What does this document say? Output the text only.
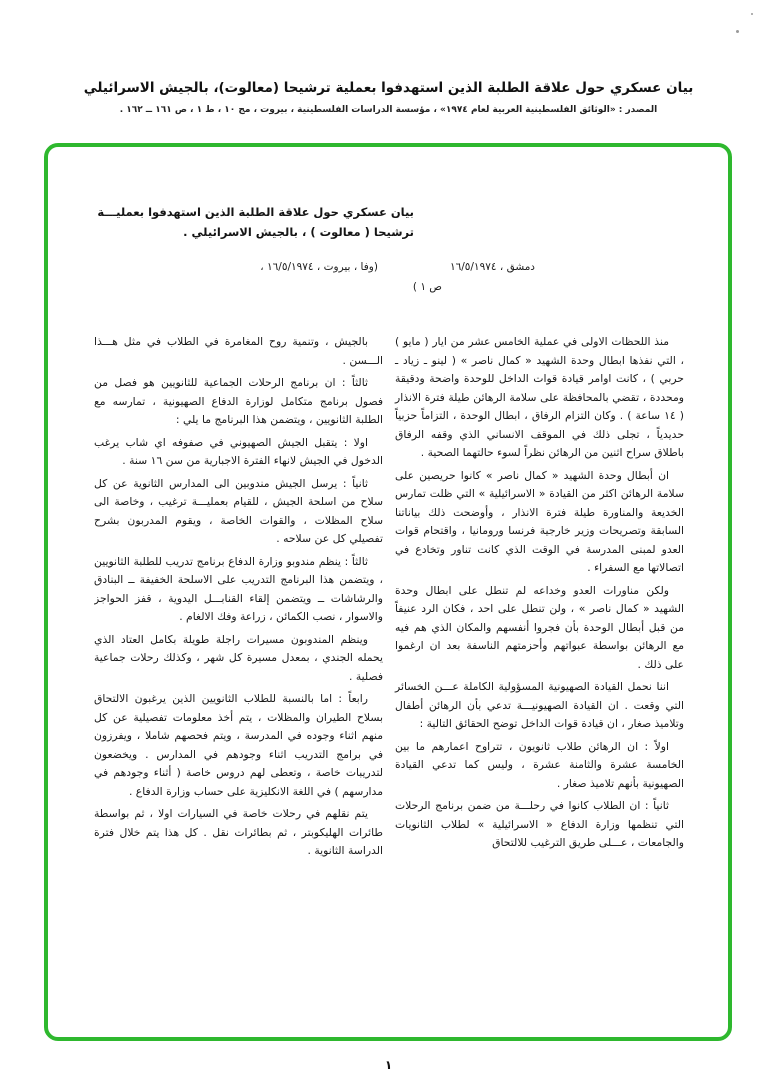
بيان عسكري حول علاقة الطلبة الذين استهدفوا بعملية ترشيحا (معالوت)، بالجيش الاسرائيلي
المصدر : «الوثائق الفلسطينية العربية لعام ١٩٧٤» ، مؤسسة الدراسات الفلسطينية ، بيروت ، مج ١٠ ، ط ١ ، ص ١٦١ ــ ١٦٢ .
بيان عسكري حول علاقة الطلبة الذين استهدفوا بعمليـــة
ترشيحا ( معالوت ) ، بالجيش الاسرائيلي .
دمشق ، ١٦/٥/١٩٧٤
(وفا ، بيروت ، ١٦/٥/١٩٧٤ ،
ص ١ )

منذ اللحظات الاولى في عملية الخامس عشر من ايار ( مايو ) ، التي نفذها ابطال وحدة الشهيد « كمال ناصر » ( لينو ـ زياد ـ حربي ) ، كانت اوامر قيادة قوات الداخل للوحدة واضحة ودقيقة ومحددة ، تقضي بالمحافظة على سلامة الرهائن طيلة فترة الانذار ( ١٤ ساعة ) . وكان التزام الرفاق ، ابطال الوحدة ، التزاماً حزبياً حديدياً ، تجلى ذلك في الموقف الانساني الذي وقفه الرفاق باطلاق سراح اثنين من الرهائن نظراً لسوء حالتهما الصحية .

ان أبطال وحدة الشهيد « كمال ناصر » كانوا حريصين على سلامة الرهائن اكثر من القيادة « الاسرائيلية » التي ظلت تمارس الخديعة والمناورة طيلة فترة الانذار ، وأوضحت ذلك بياناتنا السابقة وتصريحات وزير خارجية فرنسا ورومانيا ، واقتحام قوات العدو لمبنى المدرسة في الوقت الذي كانت تناور وتخادع في اتصالاتها مع السفراء .

ولكن مناورات العدو وخداعه لم تنطل على ابطال وحدة الشهيد « كمال ناصر » ، ولن تنطل على احد ، فكان الرد عنيفاً من قبل أبطال الوحدة بأن فجروا أنفسهم والمكان الذي هم فيه مع الرهائن بواسطة عبواتهم وأحزمتهم الناسفة بعد ان ارغموا على ذلك .

اننا نحمل القيادة الصهيونية المسؤولية الكاملة عـــن الخسائر التي وقعت . ان القيادة الصهيونيـــة تدعي بأن الرهائن أطفال وتلاميذ صغار ، ان قيادة قوات الداخل توضح الحقائق التالية :

اولاً : ان الرهائن طلاب ثانويون ، تتراوح اعمارهم ما بين الخامسة عشرة والثامنة عشرة ، وليس كما تدعي القيادة الصهيونية بأنهم تلاميذ صغار .

ثانياً : ان الطلاب كانوا في رحلـــة من ضمن برنامج الرحلات التي تنظمها وزارة الدفاع « الاسرائيلية » لطلاب الثانويات والجامعات ، عـــلى طريق الترغيب للالتحاق

بالجيش ، وتنمية روح المغامرة في الطلاب في مثل هـــذا الـــسن .

ثالثاً : ان برنامج الرحلات الجماعية للثانويين هو فصل من فصول برنامج متكامل لوزارة الدفاع الصهيونية ، تمارسه مع الطلبة الثانويين ، ويتضمن هذا البرنامج ما يلي :

اولا : يتقبل الجيش الصهيوني في صفوفه اي شاب يرغب الدخول في الجيش لانهاء الفترة الاجبارية من سن ١٦ سنة .

ثانياً : يرسل الجيش مندوبين الى المدارس الثانوية عن كل سلاح من اسلحة الجيش ، للقيام بعمليـــة ترغيب ، وخاصة الى سلاح المظلات ، والقوات الخاصة ، ويقوم المدربون بشرح تفصيلي كل عن سلاحه .

ثالثاً : ينظم مندوبو وزارة الدفاع برنامج تدريب للطلبة الثانويين ، ويتضمن هذا البرنامج التدريب على الاسلحة الخفيفة ــ البنادق والرشاشات ــ ويتضمن إلقاء القنابـــل اليدوية ، قفز الحواجز والاسوار ، نصب الكمائن ، زراعة وفك الالغام .

وينظم المندوبون مسيرات راجلة طويلة بكامل العتاد الذي يحمله الجندي ، بمعدل مسيرة كل شهر ، وكذلك رحلات جماعية فصلية .

رابعاً : اما بالنسبة للطلاب الثانويين الذين يرغبون الالتحاق بسلاح الطيران والمظلات ، يتم أخذ معلومات تفصيلية عن كل منهم اثناء وجوده في المدرسة ، ويتم فحصهم شاملا ، ويفرزون في برامج التدريب اثناء وجودهم في المدارس . ويخضعون لتدريبات خاصة ، وتعطى لهم دروس خاصة ( أثناء وجودهم في مدارسهم ) في اللغة الانكليزية على حساب وزارة الدفاع .

يتم نقلهم في رحلات خاصة في السيارات اولا ، ثم بواسطة طائرات الهليكوبتر ، ثم بطائرات نقل . كل هذا يتم خلال فترة الدراسة الثانوية .

١
